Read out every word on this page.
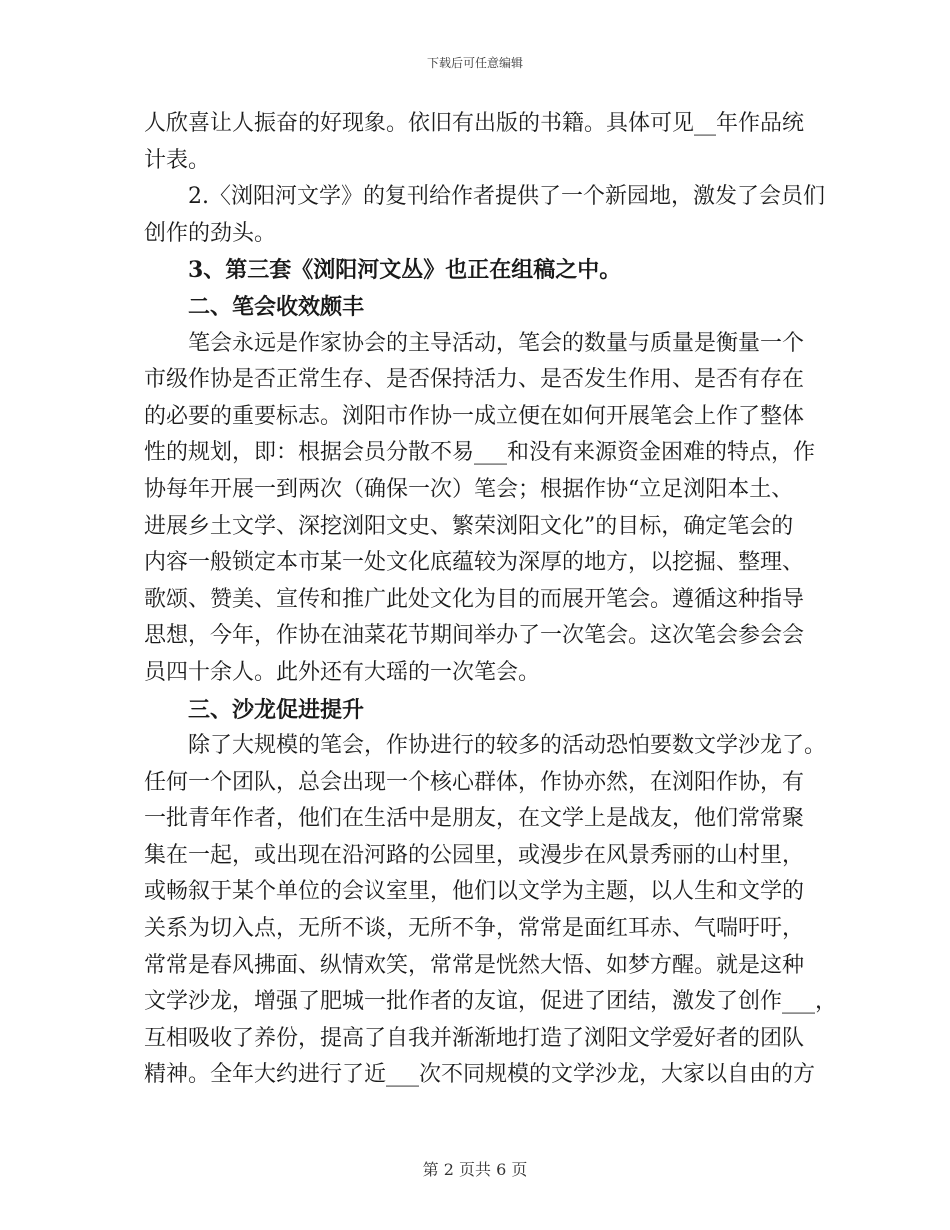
下载后可任意编辑

人欣喜让人振奋的好现象。依旧有出版的书籍。具体可见__年作品统

计表。

2.〈浏阳河文学》的复刊给作者提供了一个新园地，激发了会员们

创作的劲头。

3、第三套《浏阳河文丛》也正在组稿之中。

二、笔会收效颇丰

笔会永远是作家协会的主导活动，笔会的数量与质量是衡量一个

市级作协是否正常生存、是否保持活力、是否发生作用、是否有存在

的必要的重要标志。浏阳市作协一成立便在如何开展笔会上作了整体

性的规划，即：根据会员分散不易___和没有来源资金困难的特点，作

协每年开展一到两次（确保一次）笔会；根据作协“立足浏阳本土、

进展乡土文学、深挖浏阳文史、繁荣浏阳文化”的目标，确定笔会的

内容一般锁定本市某一处文化底蕴较为深厚的地方，以挖掘、整理、

歌颂、赞美、宣传和推广此处文化为目的而展开笔会。遵循这种指导

思想，今年，作协在油菜花节期间举办了一次笔会。这次笔会参会会

员四十余人。此外还有大瑶的一次笔会。

三、沙龙促进提升

除了大规模的笔会，作协进行的较多的活动恐怕要数文学沙龙了。

任何一个团队，总会出现一个核心群体，作协亦然，在浏阳作协，有

一批青年作者，他们在生活中是朋友，在文学上是战友，他们常常聚

集在一起，或出现在沿河路的公园里，或漫步在风景秀丽的山村里，

或畅叙于某个单位的会议室里，他们以文学为主题，以人生和文学的

关系为切入点，无所不谈，无所不争，常常是面红耳赤、气喘吁吁，

常常是春风拂面、纵情欢笑，常常是恍然大悟、如梦方醒。就是这种

文学沙龙，增强了肥城一批作者的友谊，促进了团结，激发了创作___，

互相吸收了养份，提高了自我并渐渐地打造了浏阳文学爱好者的团队

精神。全年大约进行了近___次不同规模的文学沙龙，大家以自由的方

第 2 页共 6 页
